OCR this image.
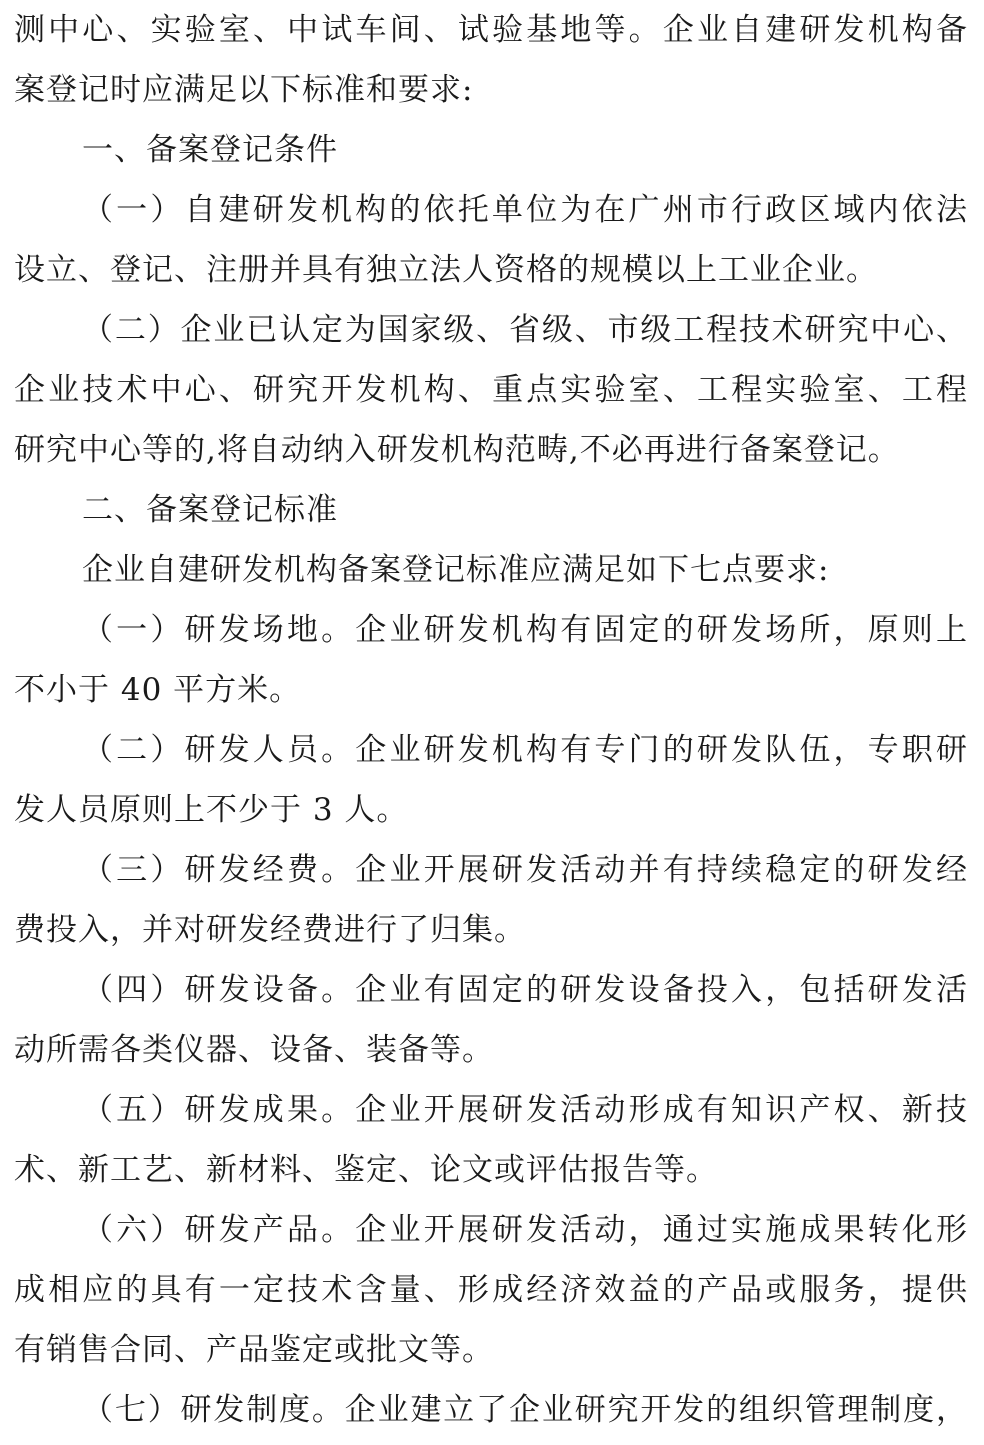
测中心、实验室、中试车间、试验基地等。企业自建研发机构备
案登记时应满足以下标准和要求:
一、备案登记条件
（一）自建研发机构的依托单位为在广州市行政区域内依法
设立、登记、注册并具有独立法人资格的规模以上工业企业。
（二）企业已认定为国家级、省级、市级工程技术研究中心、
企业技术中心、研究开发机构、重点实验室、工程实验室、工程
研究中心等的,将自动纳入研发机构范畴,不必再进行备案登记。
二、备案登记标准
企业自建研发机构备案登记标准应满足如下七点要求:
（一）研发场地。企业研发机构有固定的研发场所，原则上
不小于 40 平方米。
（二）研发人员。企业研发机构有专门的研发队伍，专职研
发人员原则上不少于 3 人。
（三）研发经费。企业开展研发活动并有持续稳定的研发经
费投入，并对研发经费进行了归集。
（四）研发设备。企业有固定的研发设备投入，包括研发活
动所需各类仪器、设备、装备等。
（五）研发成果。企业开展研发活动形成有知识产权、新技
术、新工艺、新材料、鉴定、论文或评估报告等。
（六）研发产品。企业开展研发活动，通过实施成果转化形
成相应的具有一定技术含量、形成经济效益的产品或服务，提供
有销售合同、产品鉴定或批文等。
（七）研发制度。企业建立了企业研究开发的组织管理制度，
